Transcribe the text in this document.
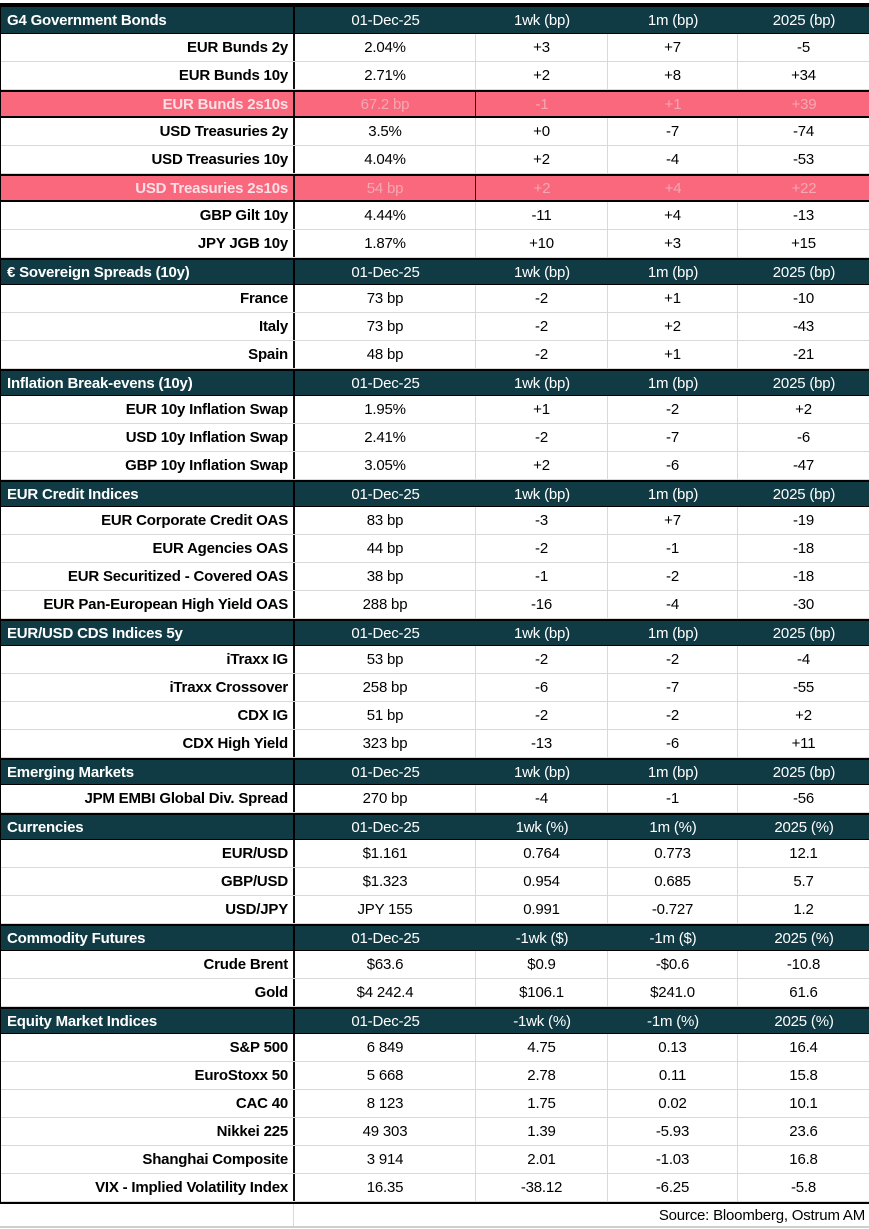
G4 Government Bonds	01-Dec-25	1wk (bp)	1m (bp)	2025 (bp)
EUR Bunds 2y	2.04%	+3	+7	-5
EUR Bunds 10y	2.71%	+2	+8	+34
EUR Bunds 2s10s	67.2 bp	-1	+1	+39
USD Treasuries 2y	3.5%	+0	-7	-74
USD Treasuries 10y	4.04%	+2	-4	-53
USD Treasuries 2s10s	54 bp	+2	+4	+22
GBP Gilt 10y	4.44%	-11	+4	-13
JPY JGB 10y	1.87%	+10	+3	+15
€ Sovereign Spreads (10y)	01-Dec-25	1wk (bp)	1m (bp)	2025 (bp)
France	73 bp	-2	+1	-10
Italy	73 bp	-2	+2	-43
Spain	48 bp	-2	+1	-21
Inflation Break-evens (10y)	01-Dec-25	1wk (bp)	1m (bp)	2025 (bp)
EUR 10y Inflation Swap	1.95%	+1	-2	+2
USD 10y Inflation Swap	2.41%	-2	-7	-6
GBP 10y Inflation Swap	3.05%	+2	-6	-47
EUR Credit Indices	01-Dec-25	1wk (bp)	1m (bp)	2025 (bp)
EUR Corporate Credit OAS	83 bp	-3	+7	-19
EUR Agencies OAS	44 bp	-2	-1	-18
EUR Securitized - Covered OAS	38 bp	-1	-2	-18
EUR Pan-European High Yield OAS	288 bp	-16	-4	-30
EUR/USD CDS Indices 5y	01-Dec-25	1wk (bp)	1m (bp)	2025 (bp)
iTraxx IG	53 bp	-2	-2	-4
iTraxx Crossover	258 bp	-6	-7	-55
CDX IG	51 bp	-2	-2	+2
CDX High Yield	323 bp	-13	-6	+11
Emerging Markets	01-Dec-25	1wk (bp)	1m (bp)	2025 (bp)
JPM EMBI Global Div. Spread	270 bp	-4	-1	-56
Currencies	01-Dec-25	1wk (%)	1m (%)	2025 (%)
EUR/USD	$1.161	0.764	0.773	12.1
GBP/USD	$1.323	0.954	0.685	5.7
USD/JPY	JPY 155	0.991	-0.727	1.2
Commodity Futures	01-Dec-25	-1wk ($)	-1m ($)	2025 (%)
Crude Brent	$63.6	$0.9	-$0.6	-10.8
Gold	$4 242.4	$106.1	$241.0	61.6
Equity Market Indices	01-Dec-25	-1wk (%)	-1m (%)	2025 (%)
S&P 500	6 849	4.75	0.13	16.4
EuroStoxx 50	5 668	2.78	0.11	15.8
CAC 40	8 123	1.75	0.02	10.1
Nikkei 225	49 303	1.39	-5.93	23.6
Shanghai Composite	3 914	2.01	-1.03	16.8
VIX - Implied Volatility Index	16.35	-38.12	-6.25	-5.8
Source: Bloomberg, Ostrum AM
